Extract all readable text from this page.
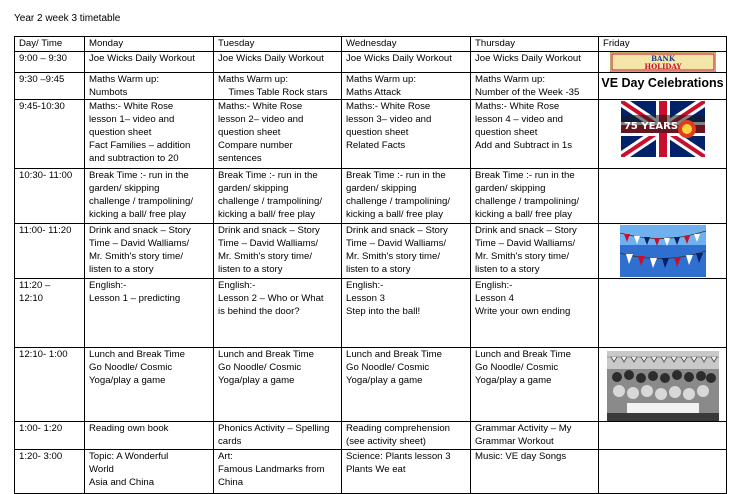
Year 2 week 3 timetable
Day/ Time	Monday	Tuesday	Wednesday	Thursday	Friday

9:00 – 9:30	Joe Wicks Daily Workout	Joe Wicks Daily Workout	Joe Wicks Daily Workout	Joe Wicks Daily Workout	BANK
HOLIDAY

9:30 –9:45	Maths Warm up:
Numbots	Maths Warm up:
Times Table Rock stars	Maths Warm up:
Maths Attack	Maths Warm up:
Number of the Week -35	VE Day Celebrations

9:45-10:30	Maths:- White Rose
lesson 1– video and
question sheet
Fact Families – addition
and subtraction to 20	Maths:- White Rose
lesson 2– video and
question sheet
Compare number
sentences	Maths:- White Rose
lesson 3– video and
question sheet
Related Facts	Maths:- White Rose
lesson 4 – video and
question sheet
Add and Subtract in 1s	75 YEARS

10:30- 11:00	Break Time :- run in the
garden/ skipping
challenge / trampolining/
kicking a ball/ free play	Break Time :- run in the
garden/ skipping
challenge / trampolining/
kicking a ball/ free play	Break Time :- run in the
garden/ skipping
challenge / trampolining/
kicking a ball/ free play	Break Time :- run in the
garden/ skipping
challenge / trampolining/
kicking a ball/ free play	

11:00- 11:20	Drink and snack – Story
Time – David Walliams/
Mr. Smith's story time/
listen to a story	Drink and snack – Story
Time – David Walliams/
Mr. Smith's story time/
listen to a story	Drink and snack – Story
Time – David Walliams/
Mr. Smith's story time/
listen to a story	Drink and snack – Story
Time – David Walliams/
Mr. Smith's story time/
listen to a story

11:20 –
12:10	English:-
Lesson 1 – predicting	English:-
Lesson 2 – Who or What
is behind the door?	English:-
Lesson 3
Step into the ball!	English:-
Lesson 4
Write your own ending	

12:10- 1:00	Lunch and Break Time
Go Noodle/ Cosmic
Yoga/play a game	Lunch and Break Time
Go Noodle/ Cosmic
Yoga/play a game	Lunch and Break Time
Go Noodle/ Cosmic
Yoga/play a game	Lunch and Break Time
Go Noodle/ Cosmic
Yoga/play a game

1:00- 1:20	Reading own book	Phonics Activity – Spelling
cards	Reading comprehension
(see activity sheet)	Grammar Activity – My
Grammar Workout	

1:20- 3:00	Topic: A Wonderful
World
Asia and China	Art:
Famous Landmarks from
China	Science: Plants lesson 3
Plants We eat	Music: VE day Songs	
